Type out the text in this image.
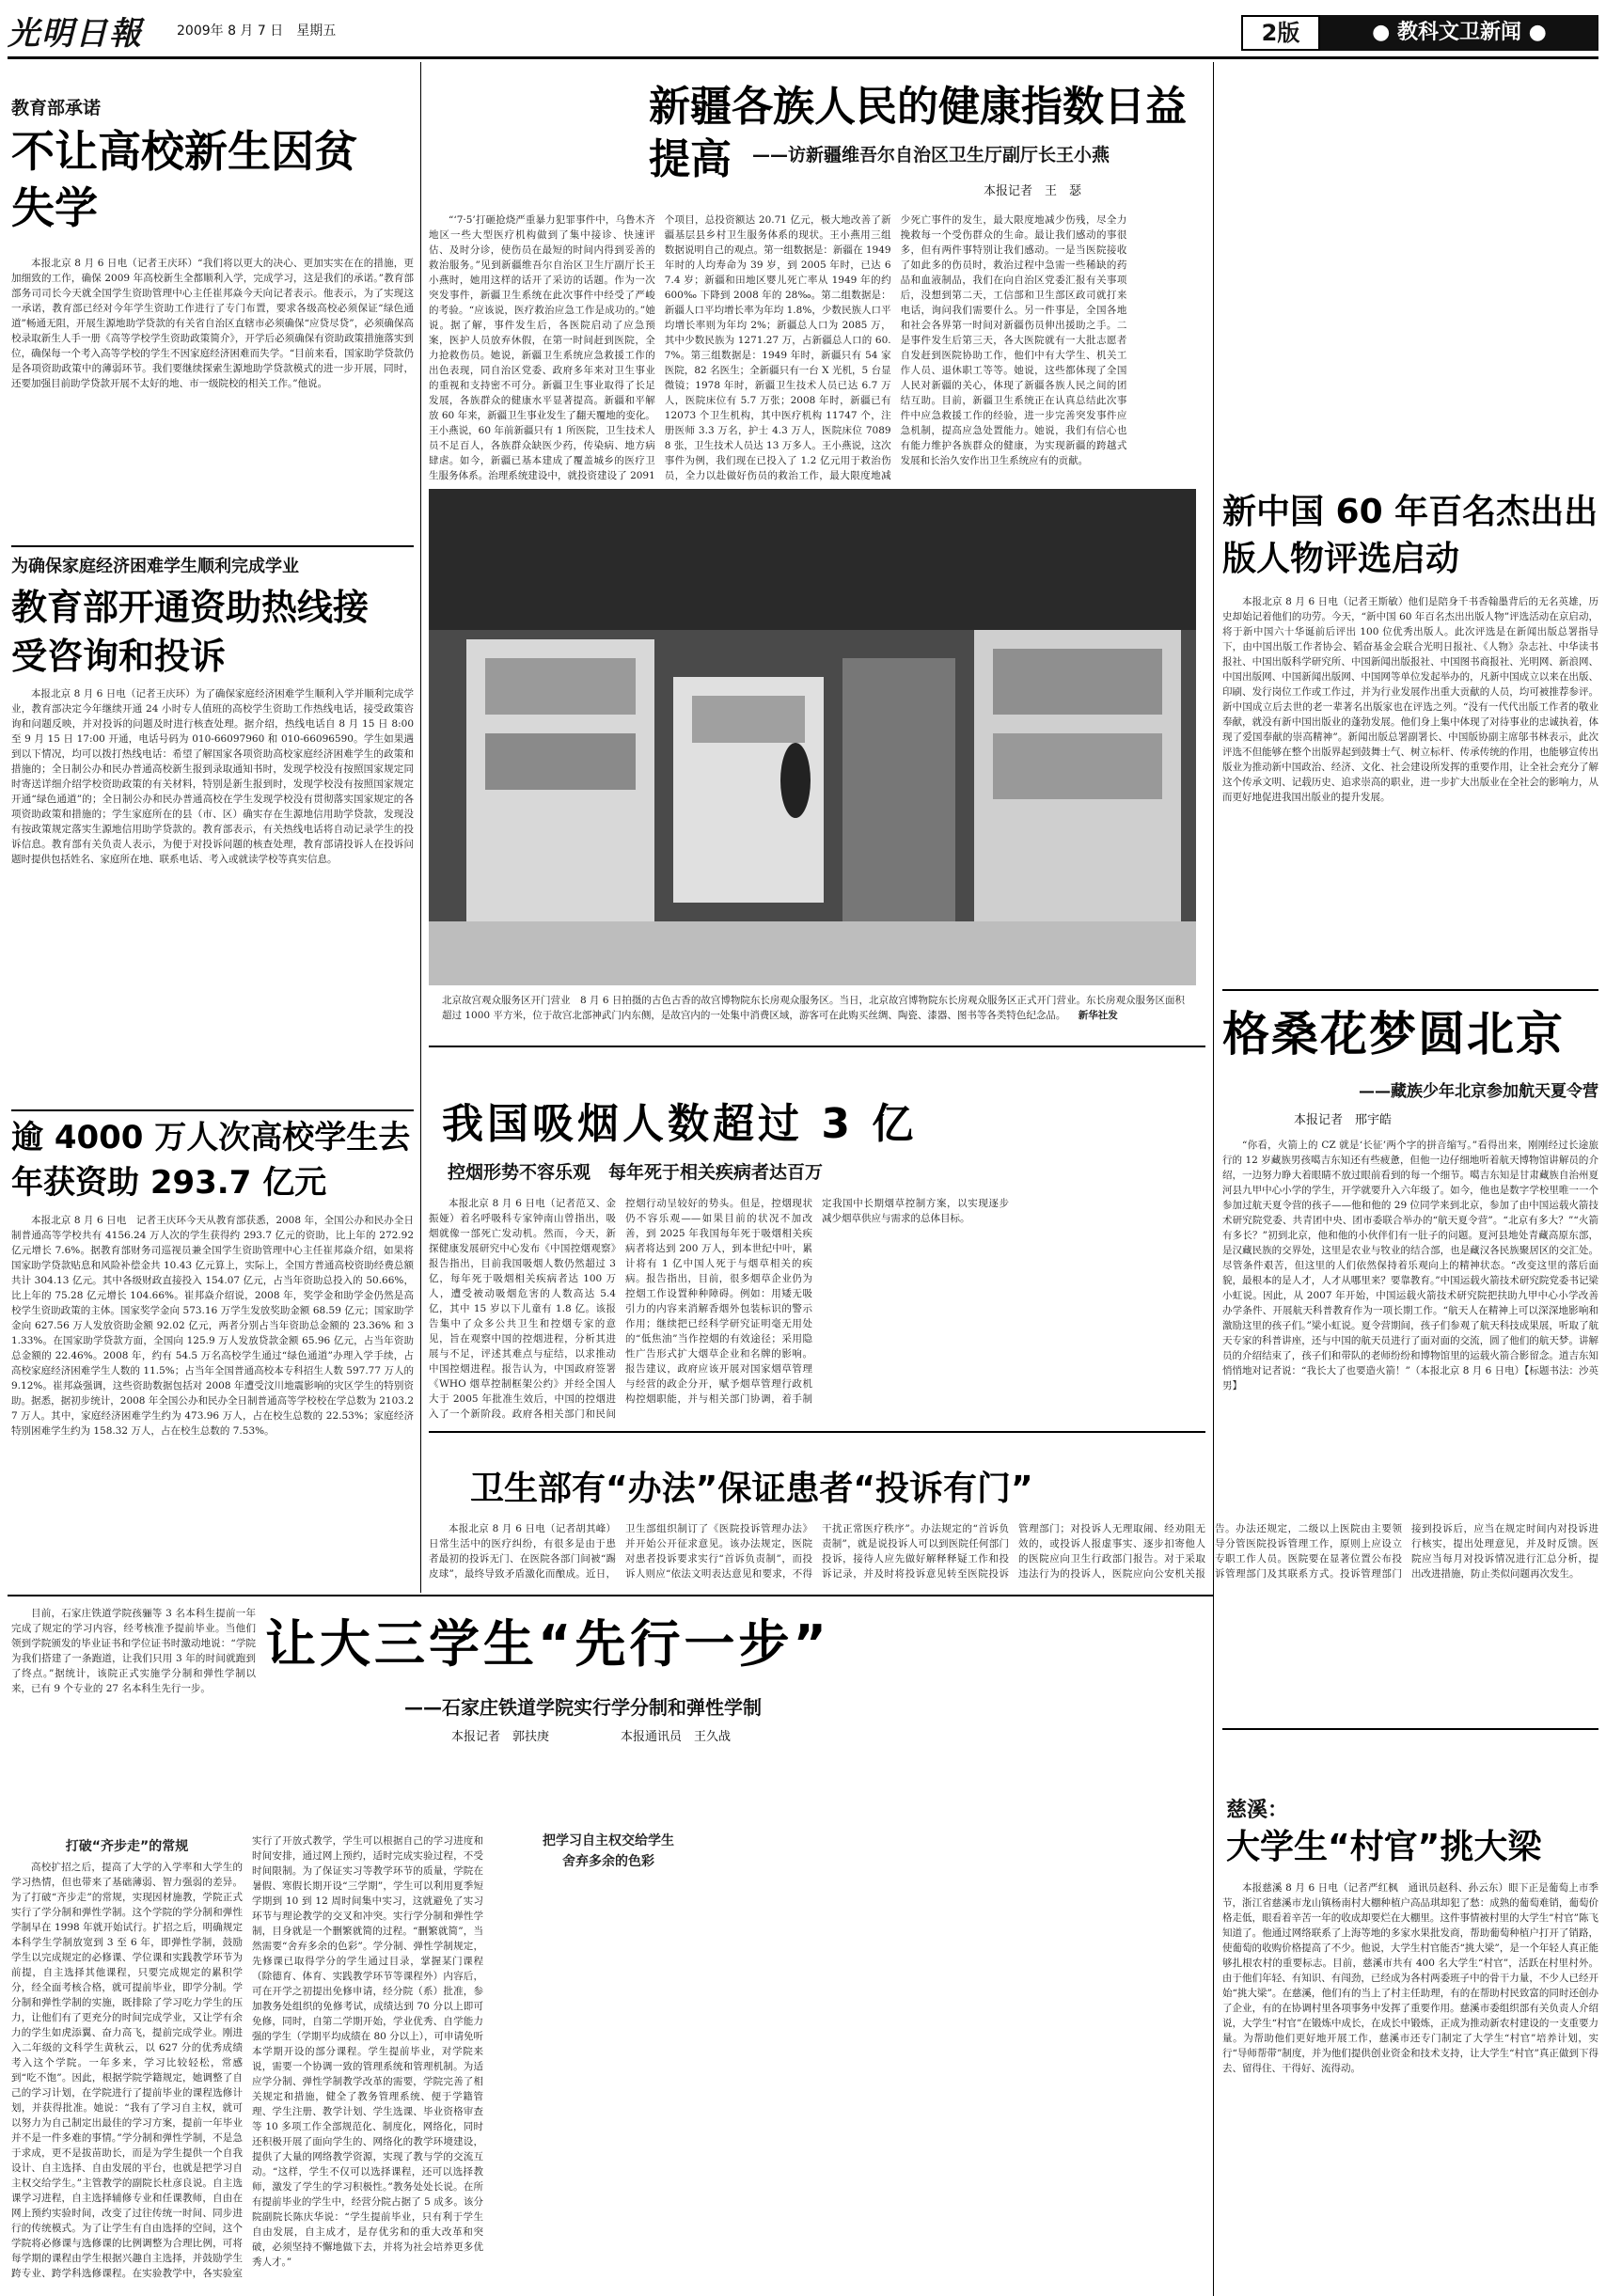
光明日報	2009年 8 月 7 日　星期五	2版	● 教科文卫新闻 ●
教育部承诺
不让高校新生因贫失学

本报北京 8 月 6 日电（记者王庆环）“我们将以更大的决心、更加实实在在的措施，更加细致的工作，确保 2009 年高校新生全都顺利入学，完成学习，这是我们的承诺。”教育部部务司司长今天就全国学生资助管理中心主任崔邦焱今天向记者表示。他表示，为了实现这一承诺，教育部已经对今年学生资助工作进行了专门布置，要求各级高校必须保证“绿色通道”畅通无阻，开展生源地助学贷款的有关省自治区直辖市必须确保“应贷尽贷”，必须确保高校录取新生人手一册《高等学校学生资助政策简介》，开学后必须确保有资助政策措施落实到位，确保每一个考入高等学校的学生不因家庭经济困难而失学。“目前来看，国家助学贷款仍是各项资助政策中的薄弱环节。我们要继续探索生源地助学贷款模式的进一步开展，同时，还要加强目前助学贷款开展不太好的地、市一级院校的相关工作。”他说。

为确保家庭经济困难学生顺利完成学业
教育部开通资助热线接受咨询和投诉

本报北京 8 月 6 日电（记者王庆环）为了确保家庭经济困难学生顺利入学并顺利完成学业，教育部决定今年继续开通 24 小时专人值班的高校学生资助工作热线电话，接受政策咨询和问题反映，并对投诉的问题及时进行核查处理。据介绍，热线电话自 8 月 15 日 8:00 至 9 月 15 日 17:00 开通，电话号码为 010-66097960 和 010-66096590。学生如果遇到以下情况，均可以拨打热线电话：希望了解国家各项资助高校家庭经济困难学生的政策和措施的；全日制公办和民办普通高校新生报到录取通知书时，发现学校没有按照国家规定同时寄送详细介绍学校资助政策的有关材料，特别是新生报到时，发现学校没有按照国家规定开通“绿色通道”的；全日制公办和民办普通高校在学生发现学校没有贯彻落实国家规定的各项资助政策和措施的；学生家庭所在的县（市、区）确实存在生源地信用助学贷款，发现没有按政策规定落实生源地信用助学贷款的。教育部表示，有关热线电话将自动记录学生的投诉信息。教育部有关负责人表示，为便于对投诉问题的核查处理，教育部请投诉人在投诉问题时提供包括姓名、家庭所在地、联系电话、考入或就读学校等真实信息。

逾 4000 万人次高校学生去年获资助 293.7 亿元

本报北京 8 月 6 日电　记者王庆环今天从教育部获悉，2008 年，全国公办和民办全日制普通高等学校共有 4156.24 万人次的学生获得约 293.7 亿元的资助，比上年的 272.92 亿元增长 7.6%。据教育部财务司巡视员兼全国学生资助管理中心主任崔邦焱介绍，如果将国家助学贷款贴息和风险补偿金共 10.43 亿元算上，实际上，全国方普通高校资助经费总额共计 304.13 亿元。其中各级财政直接投入 154.07 亿元，占当年资助总投入的 50.66%，比上年的 75.28 亿元增长 104.66%。崔邦焱介绍说，2008 年，奖学金和助学金仍然是高校学生资助政策的主体。国家奖学金向 573.16 万学生发放奖助金额 68.59 亿元；国家助学金向 627.56 万人发放资助金额 92.02 亿元，两者分别占当年资助总金额的 23.36% 和 31.33%。在国家助学贷款方面，全国向 125.9 万人发放贷款金额 65.96 亿元，占当年资助总金额的 22.46%。2008 年，约有 54.5 万名高校学生通过“绿色通道”办理入学手续，占高校家庭经济困难学生人数的 11.5%；占当年全国普通高校本专科招生人数 597.77 万人的 9.12%。崔邦焱强调，这些资助数据包括对 2008 年遭受汶川地震影响的灾区学生的特别资助。据悉，据初步统计，2008 年全国公办和民办全日制普通高等学校校在学总数为 2103.27 万人。其中，家庭经济困难学生约为 473.96 万人，占在校生总数的 22.53%；家庭经济特别困难学生约为 158.32 万人，占在校生总数的 7.53%。

新疆各族人民的健康指数日益提高	——访新疆维吾尔自治区卫生厅副厅长王小燕
本报记者　王　瑟

“‘7·5’打砸抢烧严重暴力犯罪事件中，乌鲁木齐地区一些大型医疗机构做到了集中接诊、快速评估、及时分诊，使伤员在最短的时间内得到妥善的救治服务。”见到新疆维吾尔自治区卫生厅副厅长王小燕时，她用这样的话开了采访的话题。作为一次突发事件，新疆卫生系统在此次事件中经受了严峻的考验。“应该说，医疗救治应急工作是成功的。”她说。据了解，事件发生后，各医院启动了应急预案，医护人员放弃休假，在第一时间赶到医院，全力抢救伤员。她说，新疆卫生系统应急救援工作的出色表现，同自治区党委、政府多年来对卫生事业的重视和支持密不可分。新疆卫生事业取得了长足发展，各族群众的健康水平显著提高。新疆和平解放 60 年来，新疆卫生事业发生了翻天覆地的变化。王小燕说，60 年前新疆只有 1 所医院，卫生技术人员不足百人，各族群众缺医少药，传染病、地方病肆虐。如今，新疆已基本建成了覆盖城乡的医疗卫生服务体系。治理系统建设中，就投资建设了 2091 个项目，总投资额达 20.71 亿元，极大地改善了新疆基层县乡村卫生服务体系的现状。王小燕用三组数据说明自己的观点。第一组数据是：新疆在 1949 年时的人均寿命为 39 岁，到 2005 年时，已达 67.4 岁；新疆和田地区婴儿死亡率从 1949 年的约 600‰ 下降到 2008 年的 28‰。第二组数据是：新疆人口平均增长率为年均 1.8%，少数民族人口平均增长率则为年均 2%；新疆总人口为 2085 万，其中少数民族为 1271.27 万，占新疆总人口的 60.7%。第三组数据是：1949 年时，新疆只有 54 家医院，82 名医生；全新疆只有一台 X 光机，5 台显微镜；1978 年时，新疆卫生技术人员已达 6.7 万人，医院床位有 5.7 万张；2008 年时，新疆已有 12073 个卫生机构，其中医疗机构 11747 个，注册医师 3.3 万名，护士 4.3 万人，医院床位 70898 张，卫生技术人员达 13 万多人。王小燕说，这次事件为例，我们现在已投入了 1.2 亿元用于救治伤员，全力以赴做好伤员的救治工作，最大限度地减少死亡事件的发生，最大限度地减少伤残，尽全力挽救每一个受伤群众的生命。最让我们感动的事很多，但有两件事特别让我们感动。一是当医院接收了如此多的伤员时，救治过程中急需一些稀缺的药品和血液制品，我们在向自治区党委汇报有关事项后，没想到第二天，工信部和卫生部区政司就打来电话，询问我们需要什么。另一件事是，全国各地和社会各界第一时间对新疆伤员伸出援助之手。二是事件发生后第三天，各大医院就有一大批志愿者自发赶到医院协助工作，他们中有大学生、机关工作人员、退休职工等等。她说，这些都体现了全国人民对新疆的关心，体现了新疆各族人民之间的团结互助。目前，新疆卫生系统正在认真总结此次事件中应急救援工作的经验，进一步完善突发事件应急机制，提高应急处置能力。她说，我们有信心也有能力维护各族群众的健康，为实现新疆的跨越式发展和长治久安作出卫生系统应有的贡献。

北京故宫观众服务区开门营业　8 月 6 日拍摄的古色古香的故宫博物院东长房观众服务区。当日，北京故宫博物院东长房观众服务区正式开门营业。东长房观众服务区面积超过 1000 平方米，位于故宫北部神武门内东侧，是故宫内的一处集中消费区域，游客可在此购买丝绸、陶瓷、漆器、图书等各类特色纪念品。 新华社发
我国吸烟人数超过 3 亿
控烟形势不容乐观　每年死于相关疾病者达百万

本报北京 8 月 6 日电（记者范又、金振娅）着名呼吸科专家钟南山曾指出，吸烟就像一部死亡发动机。然而，今天，新探健康发展研究中心发布《中国控烟观察》报告指出，目前我国吸烟人数仍然超过 3 亿，每年死于吸烟相关疾病者达 100 万人，遭受被动吸烟危害的人数高达 5.4 亿，其中 15 岁以下儿童有 1.8 亿。该报告集中了众多公共卫生和控烟专家的意见，旨在观察中国的控烟进程，分析其进展与不足，评述其难点与症结，以求推动中国控烟进程。报告认为，中国政府签署《WHO 烟草控制框架公约》并经全国人大于 2005 年批准生效后，中国的控烟进入了一个新阶段。政府各相关部门和民间控烟行动呈较好的势头。但是，控烟现状仍不容乐观——如果目前的状况不加改善，到 2025 年我国每年死于吸烟相关疾病者将达到 200 万人，到本世纪中叶，累计将有 1 亿中国人死于与烟草相关的疾病。报告指出，目前，很多烟草企业仍为控烟工作设置种种障碍。例如：用矮无吸引力的内容来消解香烟外包装标识的警示作用；继续把已经科学研究证明毫无用处的“低焦油”当作控烟的有效途径；采用隐性广告形式扩大烟草企业和名牌的影响。报告建议，政府应该开展对国家烟草管理与经营的政企分开，赋予烟草管理行政机构控烟职能，并与相关部门协调，着手制定我国中长期烟草控制方案，以实现逐步减少烟草供应与需求的总体目标。

卫生部有“办法”保证患者“投诉有门”

本报北京 8 月 6 日电（记者胡其峰）日常生活中的医疗纠纷，有很多是由于患者最初的投诉无门、在医院各部门间被“踢皮球”，最终导致矛盾激化而酿成。近日，卫生部组织制订了《医院投诉管理办法》并开始公开征求意见。该办法规定，医院对患者投诉要求实行“首诉负责制”，而投诉人则应“依法文明表达意见和要求，不得干扰正常医疗秩序”。办法规定的“首诉负责制”，就是说投诉人可以到医院任何部门投诉，接待人应先做好解释释疑工作和投诉记录，并及时将投诉意见转至医院投诉管理部门；对投诉人无理取闹、经劝阻无效的，或投诉人报虚事实、逐步扣寄他人的医院应向卫生行政部门报告。对于采取违法行为的投诉人，医院应向公安机关报告。办法还规定，二级以上医院由主要领导分管医院投诉管理工作，原则上应设立专职工作人员。医院要在显著位置公布投诉管理部门及其联系方式。投诉管理部门接到投诉后，应当在规定时间内对投诉进行核实，提出处理意见，并及时反馈。医院应当每月对投诉情况进行汇总分析，提出改进措施，防止类似问题再次发生。

目前，石家庄铁道学院孩骊等 3 名本科生提前一年完成了规定的学习内容，经考核准予提前毕业。当他们领到学院颁发的毕业证书和学位证书时激动地说：“学院为我们搭建了一条跑道，让我们只用 3 年的时间就跑到了终点。”据统计，该院正式实施学分制和弹性学制以来，已有 9 个专业的 27 名本科生先行一步。

让大三学生“先行一步”
——石家庄铁道学院实行学分制和弹性学制
本报记者　郭扶庚	本报通讯员　王久战

打破“齐步走”的常规

高校扩招之后，提高了大学的入学率和大学生的学习热情，但也带来了基础薄弱、智力强弱的差异。为了打破“齐步走”的常规，实现因材施教，学院正式实行了学分制和弹性学制。这个学院的学分制和弹性学制早在 1998 年就开始试行。扩招之后，明确规定本科学生学制放宽到 3 至 6 年，即弹性学制，鼓励学生以完成规定的必修课、学位课和实践教学环节为前提，自主选择其他课程，只要完成规定的累积学分，经全面考核合格，就可提前毕业，即学分制。学分制和弹性学制的实施，既排除了学习吃力学生的压力，让他们有了更充分的时间完成学业，又让学有余力的学生如虎添翼、奋力高飞，提前完成学业。刚进入二年级的文科学生黄秋云，以 627 分的优秀成绩考入这个学院。一年多来，学习比较轻松，常感到“吃不饱”。因此，根据学院学籍规定，她调整了自己的学习计划，在学院进行了提前毕业的课程选修计划，并获得批准。她说：“我有了学习自主权，就可以努力为自己制定出最佳的学习方案，提前一年毕业并不是一件多难的事情。”学分制和弹性学制，不是急于求成，更不是拔苗助长，而是为学生提供一个自我设计、自主选择、自由发展的平台，也就是把学习自主权交给学生。”主管教学的副院长杜彦良说。自主选课学习进程，自主选择辅修专业和任课教师，自由在网上预约实验时间，改变了过往传统一时间、同步进行的传统模式。为了让学生有自由选择的空间，这个学院将必修课与选修课的比例调整为合理比例，可将每学期的课程由学生根据兴趣自主选择，并鼓励学生跨专业、跨学科选修课程。在实验教学中，各实验室实行了开放式教学，学生可以根据自己的学习进度和时间安排，通过网上预约，适时完成实验过程，不受时间限制。为了保证实习等教学环节的质量，学院在暑假、寒假长期开设“三学期”，学生可以利用夏季短学期到 10 到 12 周时间集中实习，这就避免了实习环节与理论教学的交叉和冲突。实行学分制和弹性学制，目身就是一个删繁就简的过程。“删繁就简”，当然需要“舍弃多余的色彩”。学分制、弹性学制规定，先修课已取得学分的学生通过目录，掌握某门课程（除德育、体育、实践教学环节等课程外）内容后，可在开学之初提出免修申请，经分院（系）批准，参加教务处组织的免修考试，成绩达到 70 分以上即可免修，同时，自第二学期开始，学业优秀、自学能力强的学生（学期平均成绩在 80 分以上），可申请免听本学期开设的部分课程。学生提前毕业，对学院来说，需要一个协调一致的管理系统和管理机制。为适应学分制、弹性学制教学改革的需要，学院完善了相关规定和措施，健全了教务管理系统、便于学籍管理、学生注册、教学计划、学生选课、毕业资格审查等 10 多项工作全部规范化、制度化，网络化，同时还积极开展了面向学生的、网络化的教学环境建设，提供了大量的网络教学资源，实现了教与学的交流互动。“这样，学生不仅可以选择课程，还可以选择教师，激发了学生的学习积极性。”教务处处长说。在所有提前毕业的学生中，经营分院占据了 5 成多。该分院副院长陈庆华说：“学生提前毕业，只有利于学生自由发展，自主成才，是存优劣和的重大改革和突破，必须坚持不懈地做下去，并将为社会培养更多优秀人才。”

把学习自主权交给学生
舍弃多余的色彩
新中国 60 年百名杰出出版人物评选启动

本报北京 8 月 6 日电（记者王斯敏）他们是陪身千书香翰墨背后的无名英雄，历史却始记着他们的功劳。今天，“新中国 60 年百名杰出出版人物”评选活动在京启动，将于新中国六十华诞前后评出 100 位优秀出版人。此次评选是在新闻出版总署指导下，由中国出版工作者协会、韬奋基金会联合光明日报社、《人物》杂志社、中华读书报社、中国出版科学研究所、中国新闻出版报社、中国图书商报社、光明网、新浪网、中国出版网、中国新闻出版网、中国网等单位发起举办的，凡新中国成立以来在出版、印刷、发行岗位工作或工作过，并为行业发展作出重大贡献的人员，均可被推荐参评。新中国成立后去世的老一辈著名出版家也在评选之列。“没有一代代出版工作者的敬业奉献，就没有新中国出版业的蓬勃发展。他们身上集中体现了对待事业的忠诚执着，体现了爱国奉献的崇高精神”。新闻出版总署副署长、中国版协副主席邬书林表示，此次评选不但能够在整个出版界起到鼓舞士气、树立标杆、传承传统的作用，也能够宣传出版业为推动新中国政治、经济、文化、社会建设所发挥的重要作用，让全社会充分了解这个传承文明、记载历史、追求崇高的职业，进一步扩大出版业在全社会的影响力，从而更好地促进我国出版业的提升发展。

格桑花梦圆北京
——藏族少年北京参加航天夏令营
本报记者　邢宇皓

“你看，火箭上的 CZ 就是‘长征’两个字的拼音缩写。”看得出来，刚刚经过长途旅行的 12 岁藏族男孩噶吉东知还有些疲惫，但他一边仔细地听着航天博物馆讲解员的介绍，一边努力睁大着眼睛不放过眼前看到的每一个细节。噶吉东知是甘肃藏族自治州夏河县九甲中心小学的学生，开学就要升入六年级了。如今，他也是数字学校里唯一一个参加过航天夏令营的孩子——他和他的 29 位同学来到北京，参加了由中国运载火箭技术研究院党委、共青团中央、团市委联合举办的“航天夏令营”。“北京有多大？”“火箭有多长？”初到北京，他和他的小伙伴们有一肚子的问题。夏河县地处青藏高原东部，是汉藏民族的交界处，这里是农业与牧业的结合部，也是藏汉各民族聚居区的交汇处。尽管条件艰苦，但这里的人们依然保持着乐观向上的精神状态。“改变这里的落后面貌，最根本的是人才，人才从哪里来？要靠教育。”中国运载火箭技术研究院党委书记梁小虹说。因此，从 2007 年开始，中国运载火箭技术研究院把扶助九甲中心小学改善办学条件、开展航天科普教育作为一项长期工作。“航天人在精神上可以深深地影响和激励这里的孩子们。”梁小虹说。夏令营期间，孩子们参观了航天科技成果展，听取了航天专家的科普讲座，还与中国的航天员进行了面对面的交流，圆了他们的航天梦。讲解员的介绍结束了，孩子们和带队的老师纷纷和博物馆里的运载火箭合影留念。道吉东知悄悄地对记者说：“我长大了也要造火箭！”（本报北京 8 月 6 日电）【标题书法：沙英男】

慈溪：
大学生“村官”挑大梁

本报慈溪 8 月 6 日电（记者严红枫　通讯员赵科、孙云东）眼下正是葡萄上市季节，浙江省慈溪市龙山镇杨南村大棚种植户高品琪却犯了愁：成熟的葡萄难销，葡萄价格走低，眼看着辛苦一年的收成却要烂在大棚里。这件事情被村里的大学生“村官”陈飞知道了。他通过网络联系了上海等地的多家水果批发商，帮助葡萄种植户打开了销路，使葡萄的收购价格提高了不少。他说，大学生村官能否“挑大梁”，是一个年轻人真正能够扎根农村的重要标志。目前，慈溪市共有 400 名大学生“村官”，活跃在村里村外。由于他们年轻、有知识、有闯劲，已经成为各村两委班子中的骨干力量，不少人已经开始“挑大梁”。在慈溪，他们有的当上了村主任助理，有的在帮助村民致富的同时还创办了企业，有的在协调村里各项事务中发挥了重要作用。慈溪市委组织部有关负责人介绍说，大学生“村官”在锻炼中成长，在成长中锻炼，正成为推动新农村建设的一支重要力量。为帮助他们更好地开展工作，慈溪市还专门制定了大学生“村官”培养计划，实行“导师帮带”制度，并为他们提供创业资金和技术支持，让大学生“村官”真正做到下得去、留得住、干得好、流得动。
